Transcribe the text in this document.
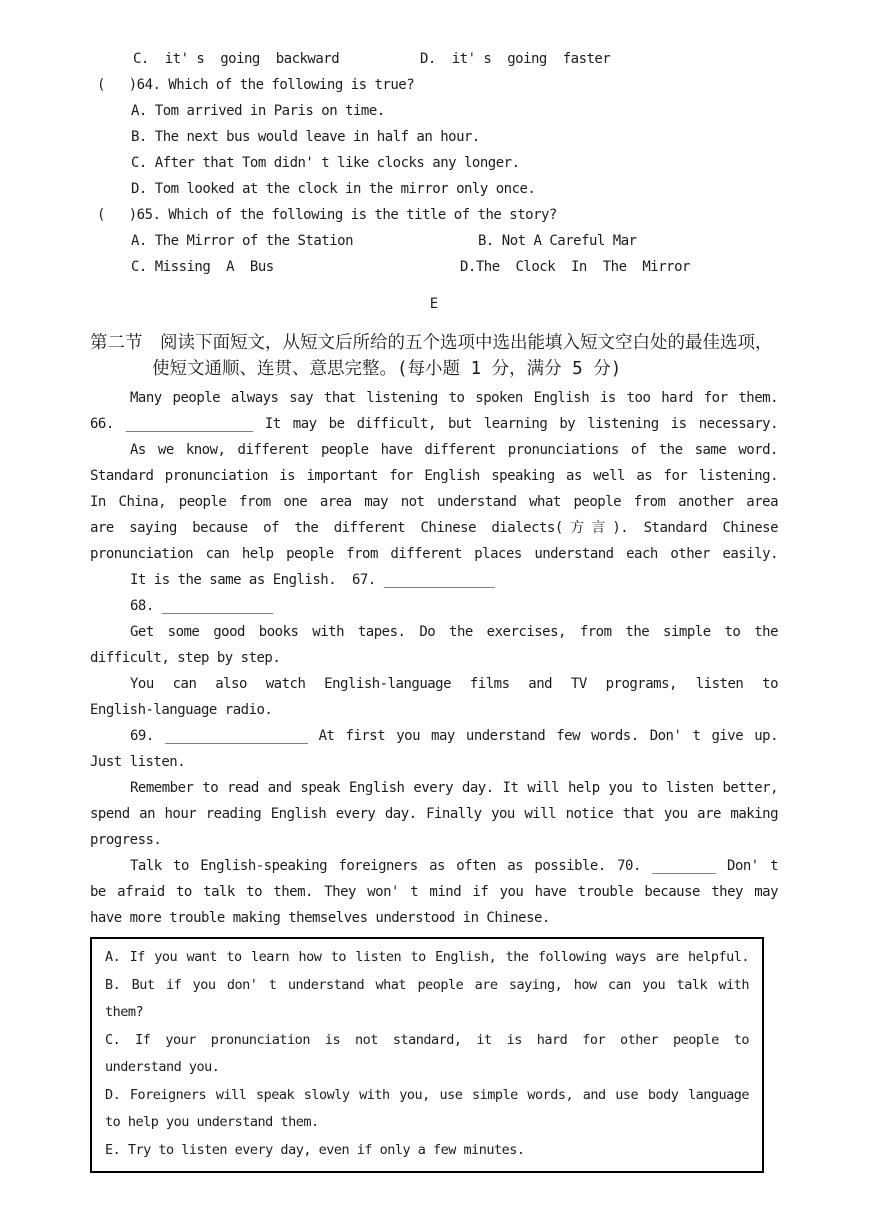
C.  it' s  going  backward

	D.  it' s  going  faster

(   )64. Which of the following is true?
A. Tom arrived in Paris on time.
B. The next bus would leave in half an hour.
C. After that Tom didn' t like clocks any longer.
D. Tom looked at the clock in the mirror only once.
(   )65. Which of the following is the title of the story?

A. The Mirror of the Station

	B. Not A Careful Mar

C. Missing  A  Bus

	D.The  Clock  In  The  Mirror

E
第二节　阅读下面短文，从短文后所给的五个选项中选出能填入短文空白处的最佳选项，
使短文通顺、连贯、意思完整。(每小题 1 分，满分 5 分)
Many people always say that listening to spoken English is too hard for them.
66. ________________ It may be difficult, but learning by listening is necessary.
As we know, different people have different pronunciations of the same word.
Standard pronunciation is important for English speaking as well as for listening.
In China, people from one area may not understand what people from another area
are saying because of the different Chinese dialects(方言). Standard Chinese
pronunciation can help people from different places understand each other easily.
It is the same as English.  67. ______________
68. ______________
Get some good books with tapes. Do the exercises, from the simple to the
difficult, step by step.
You can also watch English-language films and TV programs, listen to
English-language radio.
69. __________________ At first you may understand few words. Don' t give up.
Just listen.
Remember to read and speak English every day. It will help you to listen better,
spend an hour reading English every day. Finally you will notice that you are making
progress.
Talk to English-speaking foreigners as often as possible. 70. ________ Don' t
be afraid to talk to them. They won' t mind if you have trouble because they may
have more trouble making themselves understood in Chinese.
A. If you want to learn how to listen to English, the following ways are helpful.
B. But if you don' t understand what people are saying, how can you talk with
them?
C. If your pronunciation is not standard, it is hard for other people to
understand you.
D. Foreigners will speak slowly with you, use simple words, and use body language
to help you understand them.
E. Try to listen every day, even if only a few minutes.
